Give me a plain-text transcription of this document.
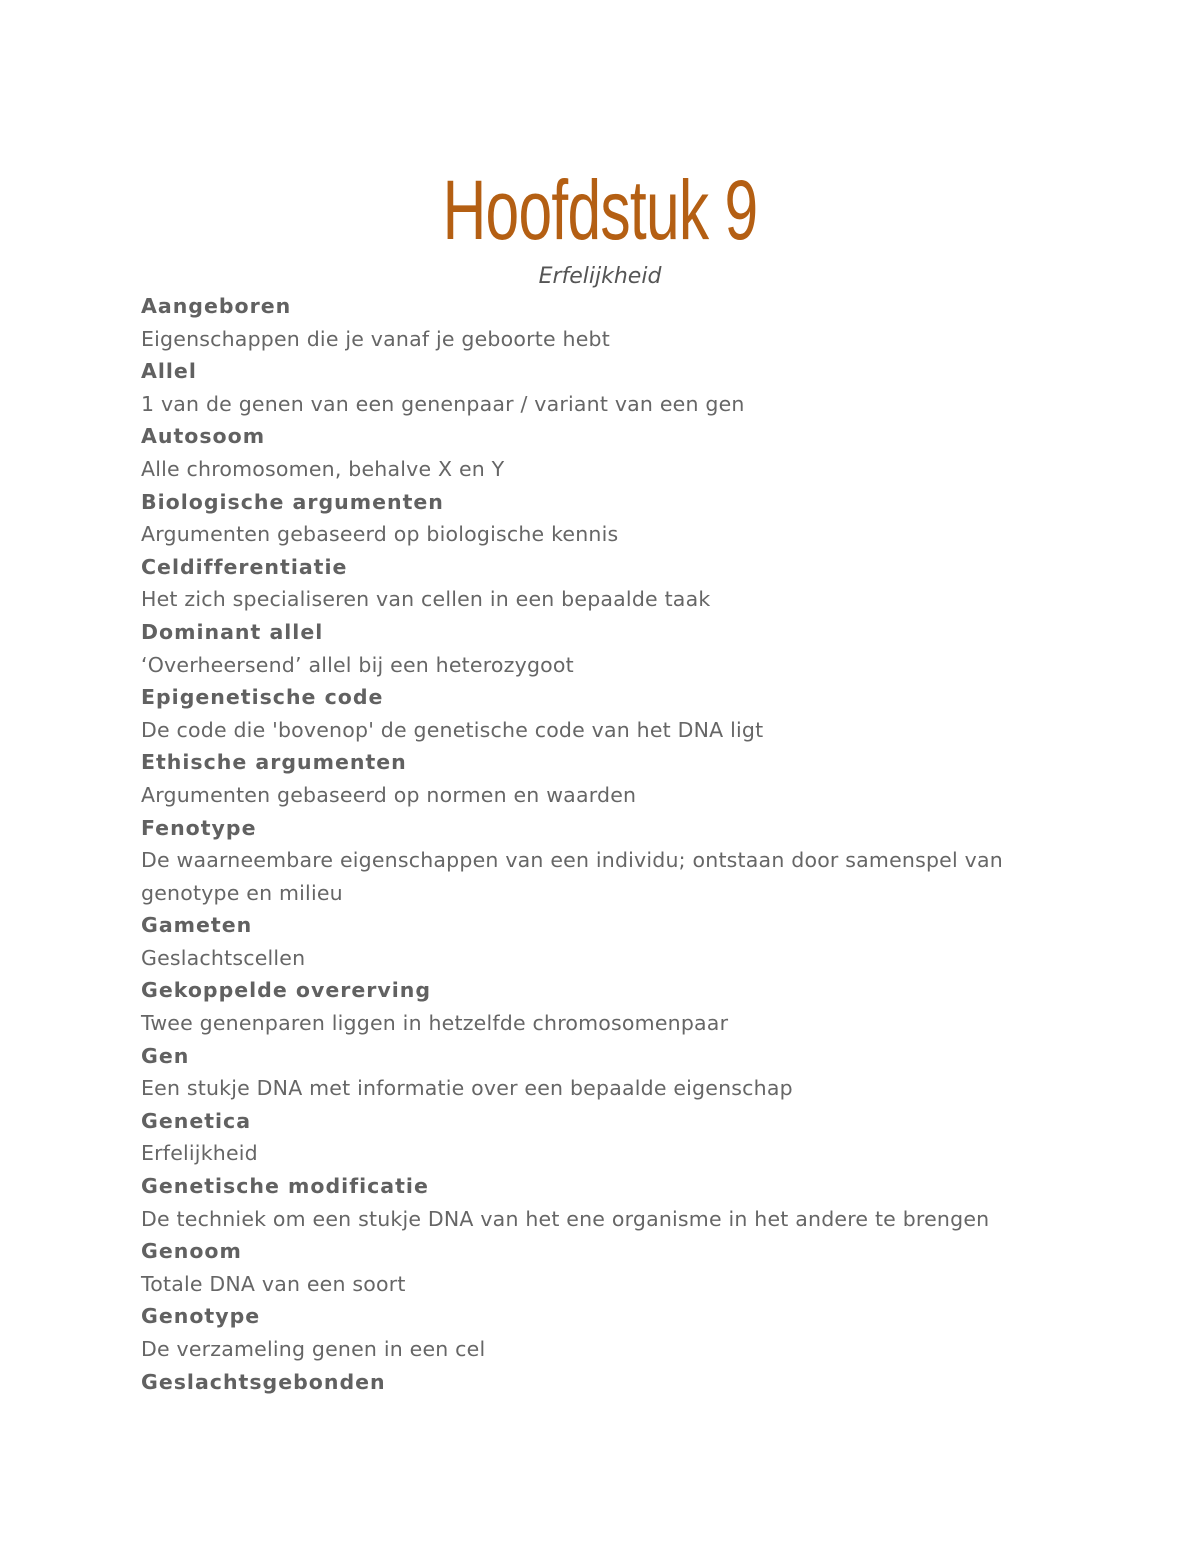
Hoofdstuk 9
Erfelijkheid
Aangeboren
Eigenschappen die je vanaf je geboorte hebt
Allel
1 van de genen van een genenpaar / variant van een gen
Autosoom
Alle chromosomen, behalve X en Y
Biologische argumenten
Argumenten gebaseerd op biologische kennis
Celdifferentiatie
Het zich specialiseren van cellen in een bepaalde taak
Dominant allel
‘Overheersend’ allel bij een heterozygoot
Epigenetische code
De code die 'bovenop' de genetische code van het DNA ligt
Ethische argumenten
Argumenten gebaseerd op normen en waarden
Fenotype
De waarneembare eigenschappen van een individu; ontstaan door samenspel van genotype en milieu
Gameten
Geslachtscellen
Gekoppelde overerving
Twee genenparen liggen in hetzelfde chromosomenpaar
Gen
Een stukje DNA met informatie over een bepaalde eigenschap
Genetica
Erfelijkheid
Genetische modificatie
De techniek om een stukje DNA van het ene organisme in het andere te brengen
Genoom
Totale DNA van een soort
Genotype
De verzameling genen in een cel
Geslachtsgebonden
